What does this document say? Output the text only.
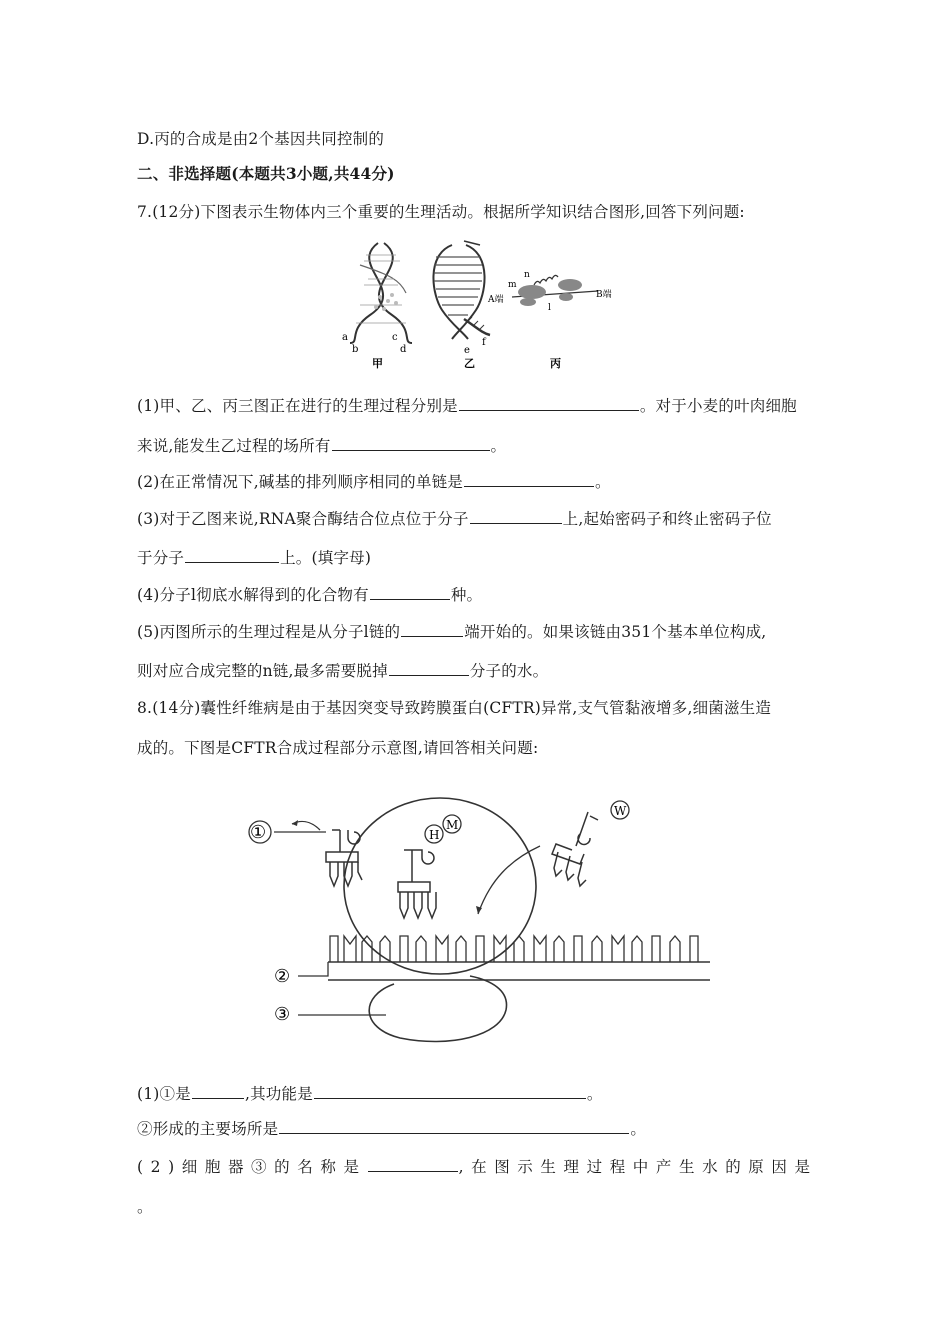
D.丙的合成是由2个基因共同控制的
二、非选择题(本题共3小题,共44分)
7.(12分)下图表示生物体内三个重要的生理活动。根据所学知识结合图形,回答下列问题:
a
b
c
d
甲
e
f
乙
m
n
A端
l
B端
丙
(1)甲、乙、丙三图正在进行的生理过程分别是	。对于小麦的叶肉细胞
来说,能发生乙过程的场所有	。
(2)在正常情况下,碱基的排列顺序相同的单链是	。
(3)对于乙图来说,RNA聚合酶结合位点位于分子	上,起始密码子和终止密码子位
于分子	上。(填字母)
(4)分子l彻底水解得到的化合物有	种。
(5)丙图所示的生理过程是从分子l链的	端开始的。如果该链由351个基本单位构成,
则对应合成完整的n链,最多需要脱掉	分子的水。
8.(14分)囊性纤维病是由于基因突变导致跨膜蛋白(CFTR)异常,支气管黏液增多,细菌滋生造
成的。下图是CFTR合成过程部分示意图,请回答相关问题:
H
M
W
①
②
③
(1)①是	,其功能是	。
②形成的主要场所是	。
(2)细胞器③的名称是	,在图示生理过程中产生水的原因是
。
